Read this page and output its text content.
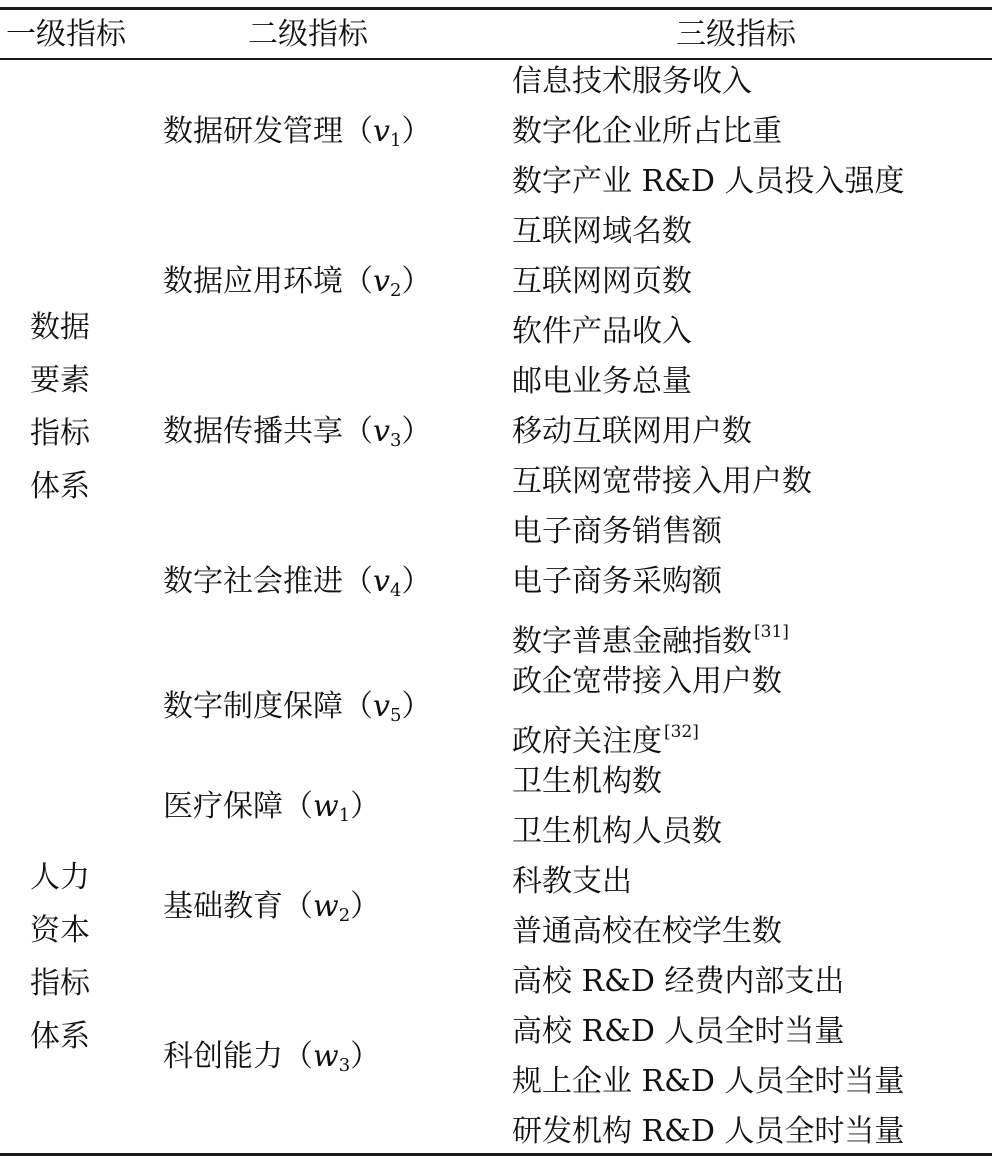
一级指标	二级指标	三级指标
信息技术服务收入
数字化企业所占比重
数字产业 R&D 人员投入强度
数据研发管理$(v_1)$
互联网域名数
互联网网页数
软件产品收入
数据应用环境$(v_2)$
邮电业务总量
移动互联网用户数
互联网宽带接入用户数
数据传播共享$(v_3)$
电子商务销售额
电子商务采购额
数字普惠金融指数 [31]
数字社会推进$(v_4)$
政企宽带接入用户数
政府关注度 [32]
数字制度保障$(v_5)$
数据
要素
指标
体系
卫生机构数
卫生机构人员数
医疗保障$(w_1)$
科教支出
普通高校在校学生数
基础教育$(w_2)$
高校 R&D 经费内部支出
高校 R&D 人员全时当量
规上企业 R&D 人员全时当量
研发机构 R&D 人员全时当量
科创能力$(w_3)$
人力
资本
指标
体系
